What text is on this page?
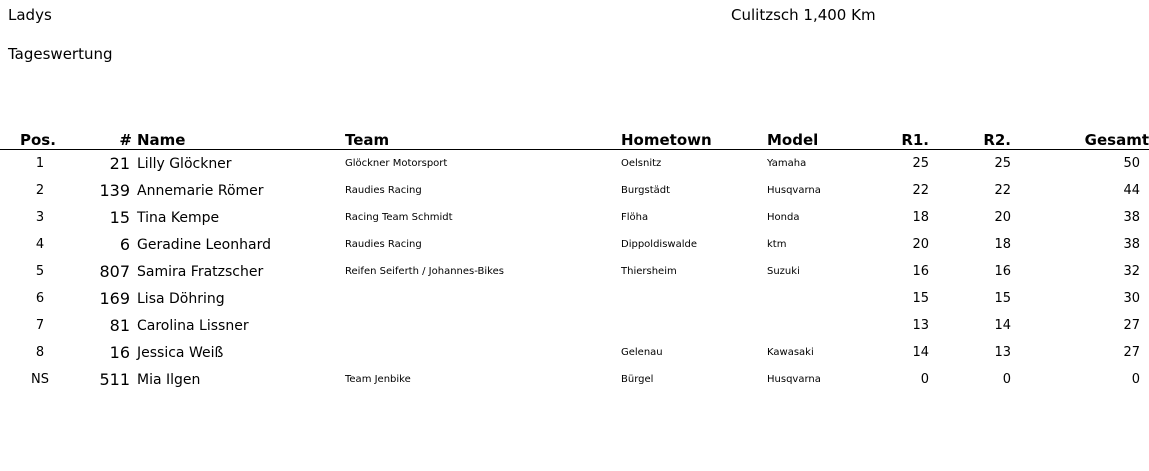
Ladys	Culitzsch 1,400 Km
Tageswertung
Pos.	#	Name	Team	Hometown	Model	R1.	R2.	Gesamt
1	21	Lilly Glöckner	Glöckner Motorsport	Oelsnitz	Yamaha	25	25	50
2	139	Annemarie Römer	Raudies Racing	Burgstädt	Husqvarna	22	22	44
3	15	Tina Kempe	Racing Team Schmidt	Flöha	Honda	18	20	38
4	6	Geradine Leonhard	Raudies Racing	Dippoldiswalde	ktm	20	18	38
5	807	Samira Fratzscher	Reifen Seiferth / Johannes-Bikes	Thiersheim	Suzuki	16	16	32
6	169	Lisa Döhring				15	15	30
7	81	Carolina Lissner				13	14	27
8	16	Jessica Weiß		Gelenau	Kawasaki	14	13	27
NS	511	Mia Ilgen	Team Jenbike	Bürgel	Husqvarna	0	0	0
